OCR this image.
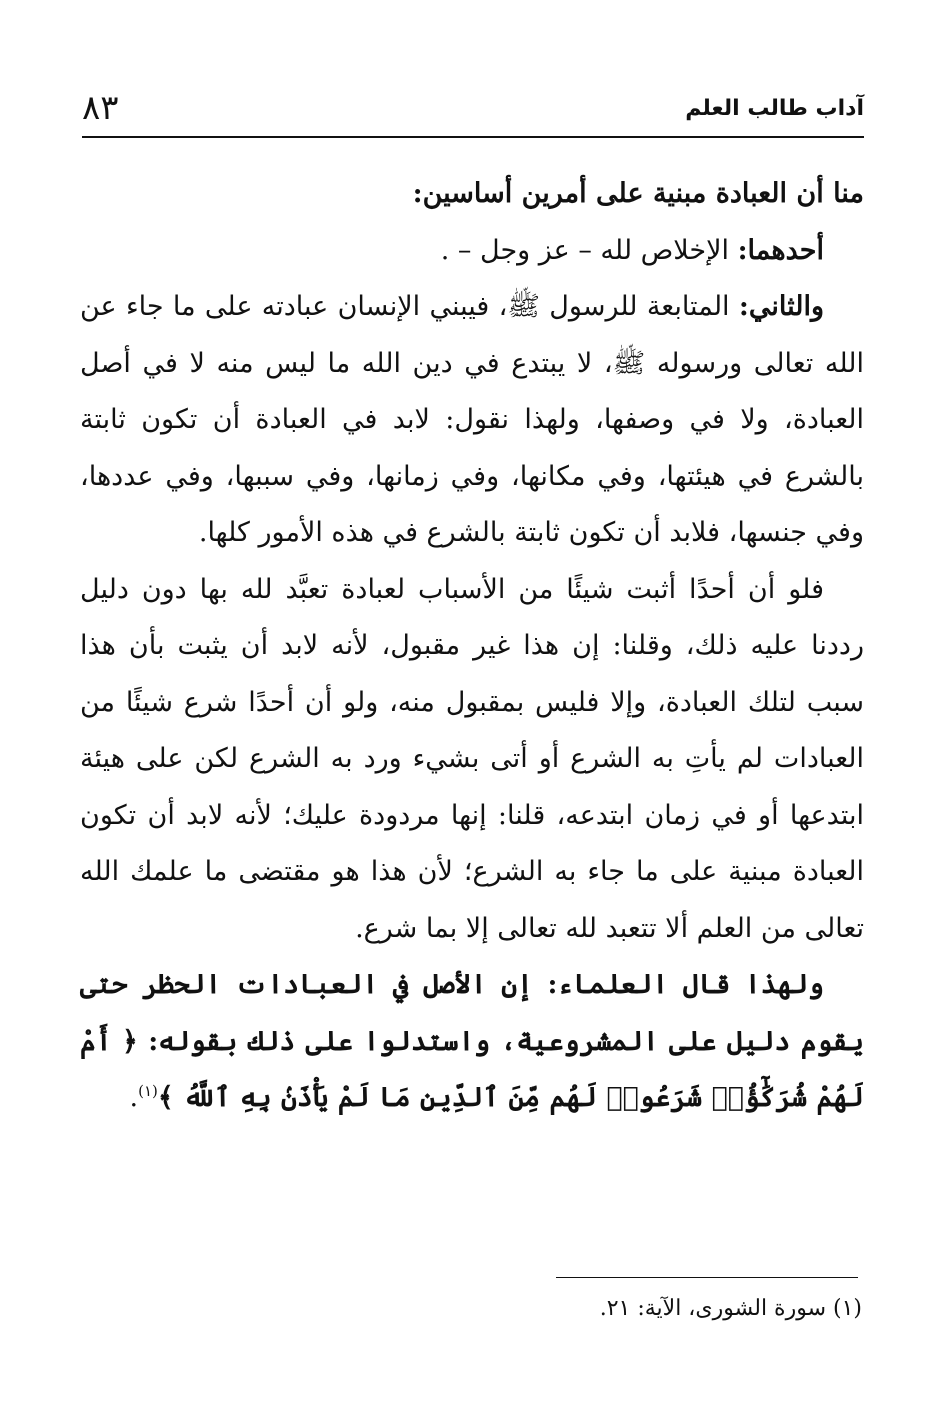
آداب طالب العلم
٨٣

منا أن العبادة مبنية على أمرين أساسين:

أحدهما: الإخلاص لله – عز وجل – .

والثاني: المتابعة للرسول ﷺ، فيبني الإنسان عبادته على ما جاء عن الله تعالى ورسوله ﷺ، لا يبتدع في دين الله ما ليس منه لا في أصل العبادة، ولا في وصفها، ولهذا نقول: لابد في العبادة أن تكون ثابتة بالشرع في هيئتها، وفي مكانها، وفي زمانها، وفي سببها، وفي عددها، وفي جنسها، فلابد أن تكون ثابتة بالشرع في هذه الأمور كلها.

فلو أن أحدًا أثبت شيئًا من الأسباب لعبادة تعبَّد لله بها دون دليل رددنا عليه ذلك، وقلنا: إن هذا غير مقبول، لأنه لابد أن يثبت بأن هذا سبب لتلك العبادة، وإلا فليس بمقبول منه، ولو أن أحدًا شرع شيئًا من العبادات لم يأتِ به الشرع أو أتى بشيء ورد به الشرع لكن على هيئة ابتدعها أو في زمان ابتدعه، قلنا: إنها مردودة عليك؛ لأنه لابد أن تكون العبادة مبنية على ما جاء به الشرع؛ لأن هذا هو مقتضى ما علمك الله تعالى من العلم ألا تتعبد لله تعالى إلا بما شرع.

ولهذا قال العلماء: إن الأصل في العبادات الحظر حتى يقوم دليل على المشروعية، واستدلوا على ذلك بقوله: ﴿ أَمْ لَهُمْ شُرَكَٰٓؤُا۟ شَرَعُوا۟ لَهُم مِّنَ ٱلدِّينِ مَا لَمْ يَأْذَنۢ بِهِ ٱللَّهُ ﴾$^{(١)}$.

(١) سورة الشورى، الآية: ٢١.
